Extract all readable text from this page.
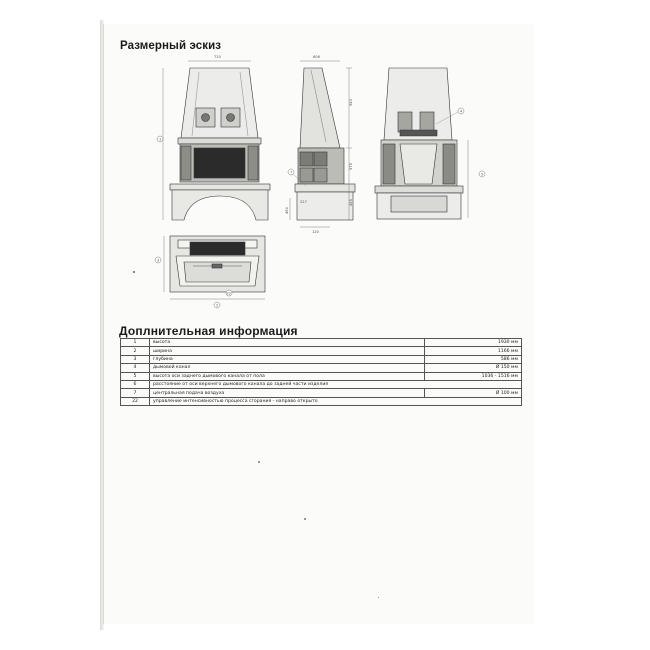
Размерный эскиз
720	606
943
575
455
460
227
120
1
2
3
4
5
7
22
Доплнительная информация
1	высота	1930 мм
2	ширина	1166 мм
3	глубина	586 мм
4	дымовой канал	Ø 150 мм
5	высота оси заднего дымового канала от пола	1036 - 1516 мм
6	расстояние от оси верхнего дымового канала до задней части изделия	
7	центральная подача воздуха	Ø 100 мм
22	управление интенсивностью процесса сгорания - направо открыто	
